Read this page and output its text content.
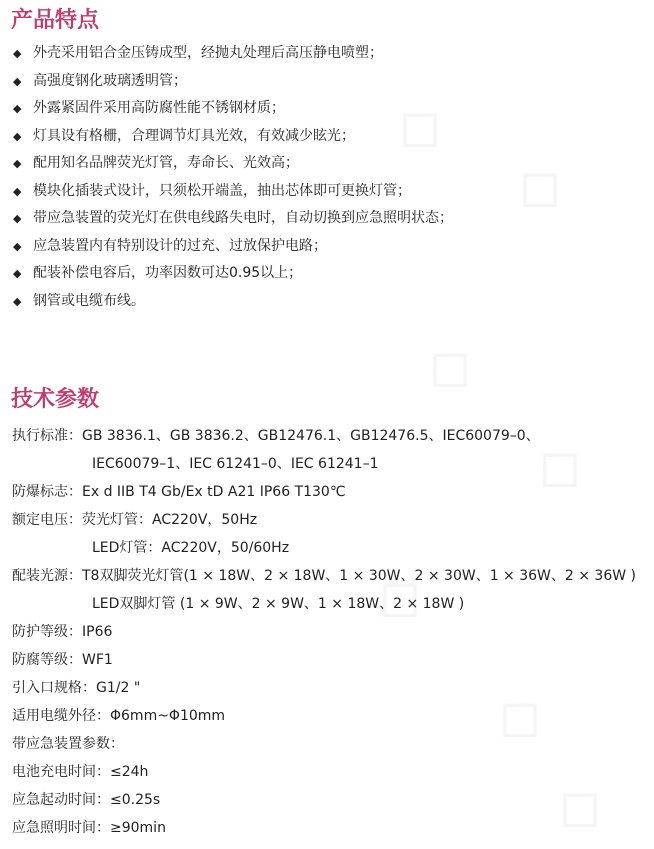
◇
◇
◇
◇
◇
◇
◇
产品特点
◆ 外壳采用铝合金压铸成型，经抛丸处理后高压静电喷塑；
◆ 高强度钢化玻璃透明管；
◆ 外露紧固件采用高防腐性能不锈钢材质；
◆ 灯具设有格栅，合理调节灯具光效，有效减少眩光；
◆ 配用知名品牌荧光灯管，寿命长、光效高；
◆ 模块化插装式设计，只须松开端盖，抽出芯体即可更换灯管；
◆ 带应急装置的荧光灯在供电线路失电时，自动切换到应急照明状态；
◆ 应急装置内有特别设计的过充、过放保护电路；
◆ 配装补偿电容后，功率因数可达0.95以上；
◆ 钢管或电缆布线。
技术参数
执行标准：GB 3836.1、GB 3836.2、GB12476.1、GB12476.5、IEC60079–0、
IEC60079–1、IEC 61241–0、IEC 61241–1
防爆标志：Ex d IIB T4 Gb/Ex tD A21 IP66 T130℃
额定电压：荧光灯管：AC220V，50Hz
LED灯管：AC220V，50/60Hz
配装光源：T8双脚荧光灯管(1 × 18W、2 × 18W、1 × 30W、2 × 30W、1 × 36W、2 × 36W )
LED双脚灯管 (1 × 9W、2 × 9W、1 × 18W、2 × 18W )
防护等级：IP66
防腐等级：WF1
引入口规格：G1/2 "
适用电缆外径：Φ6mm~Φ10mm
带应急装置参数：
电池充电时间：≤24h
应急起动时间：≤0.25s
应急照明时间：≥90min
